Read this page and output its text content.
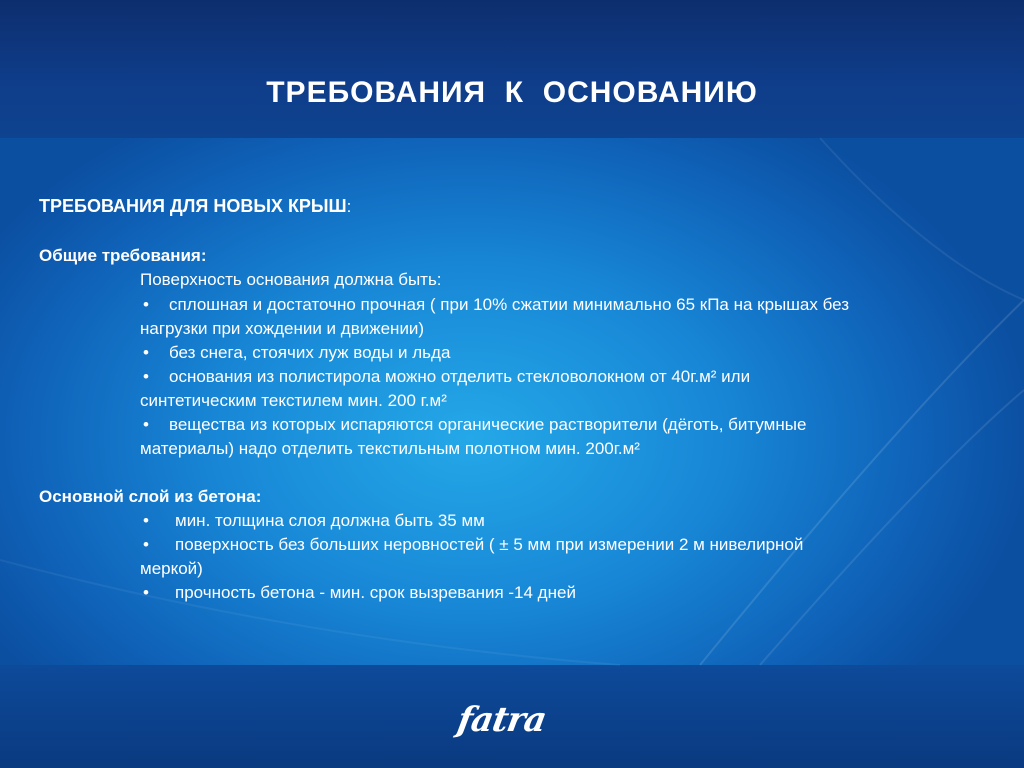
ТРЕБОВАНИЯ  К  ОСНОВАНИЮ
ТРЕБОВАНИЯ ДЛЯ НОВЫХ КРЫШ:
Общие требования:
Поверхность основания должна быть:
• сплошная и достаточно прочная ( при 10% сжатии минимально 65 кПа на крышах без
нагрузки при хождении и движении)
• без снега, стоячих луж воды и льда
• основания из полистирола можно отделить стекловолокном от 40г.м² или
синтетическим текстилем мин. 200 г.м²
• вещества из которых испаряются органические растворители (дёготь, битумные
материалы) надо отделить текстильным полотном мин. 200г.м²
Основной слой из бетона:
• мин. толщина слоя должна быть 35 мм
• поверхность без больших неровностей ( ± 5 мм при измерении 2 м нивелирной
меркой)
• прочность бетона - мин. срок вызревания -14 дней
fatra
